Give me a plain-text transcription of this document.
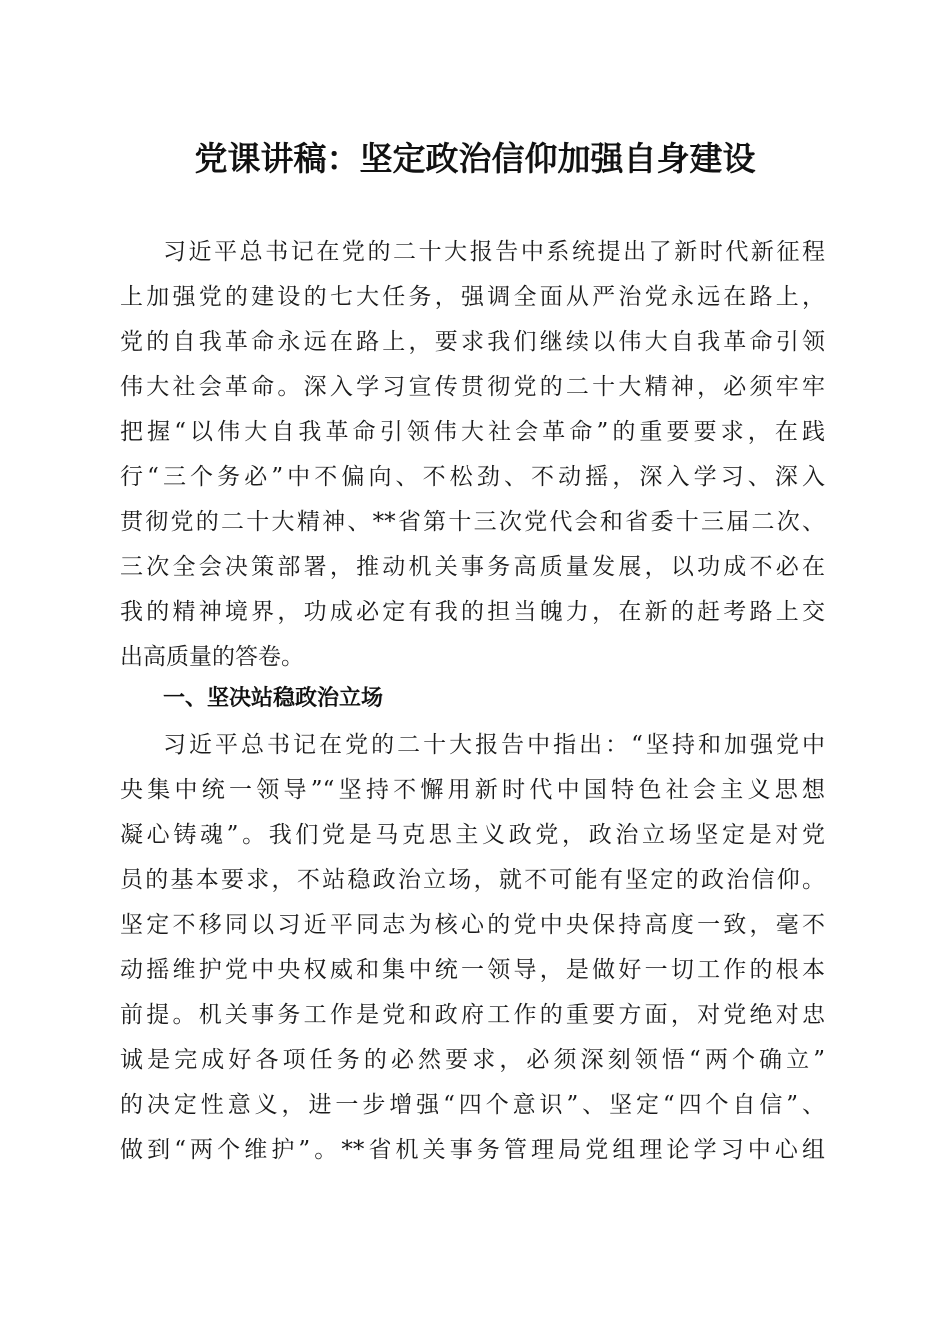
党课讲稿：坚定政治信仰加强自身建设

习近平总书记在党的二十大报告中系统提出了新时代新征程

上加强党的建设的七大任务，强调全面从严治党永远在路上，

党的自我革命永远在路上，要求我们继续以伟大自我革命引领

伟大社会革命。深入学习宣传贯彻党的二十大精神，必须牢牢

把握“以伟大自我革命引领伟大社会革命”的重要要求，在践

行“三个务必”中不偏向、不松劲、不动摇，深入学习、深入

贯彻党的二十大精神、**省第十三次党代会和省委十三届二次、

三次全会决策部署，推动机关事务高质量发展，以功成不必在

我的精神境界，功成必定有我的担当魄力，在新的赶考路上交

出高质量的答卷。

一、坚决站稳政治立场

习近平总书记在党的二十大报告中指出：“坚持和加强党中

央集中统一领导”“坚持不懈用新时代中国特色社会主义思想

凝心铸魂”。我们党是马克思主义政党，政治立场坚定是对党

员的基本要求，不站稳政治立场，就不可能有坚定的政治信仰。

坚定不移同以习近平同志为核心的党中央保持高度一致，毫不

动摇维护党中央权威和集中统一领导，是做好一切工作的根本

前提。机关事务工作是党和政府工作的重要方面，对党绝对忠

诚是完成好各项任务的必然要求，必须深刻领悟“两个确立”

的决定性意义，进一步增强“四个意识”、坚定“四个自信”、

做到“两个维护”。**省机关事务管理局党组理论学习中心组
